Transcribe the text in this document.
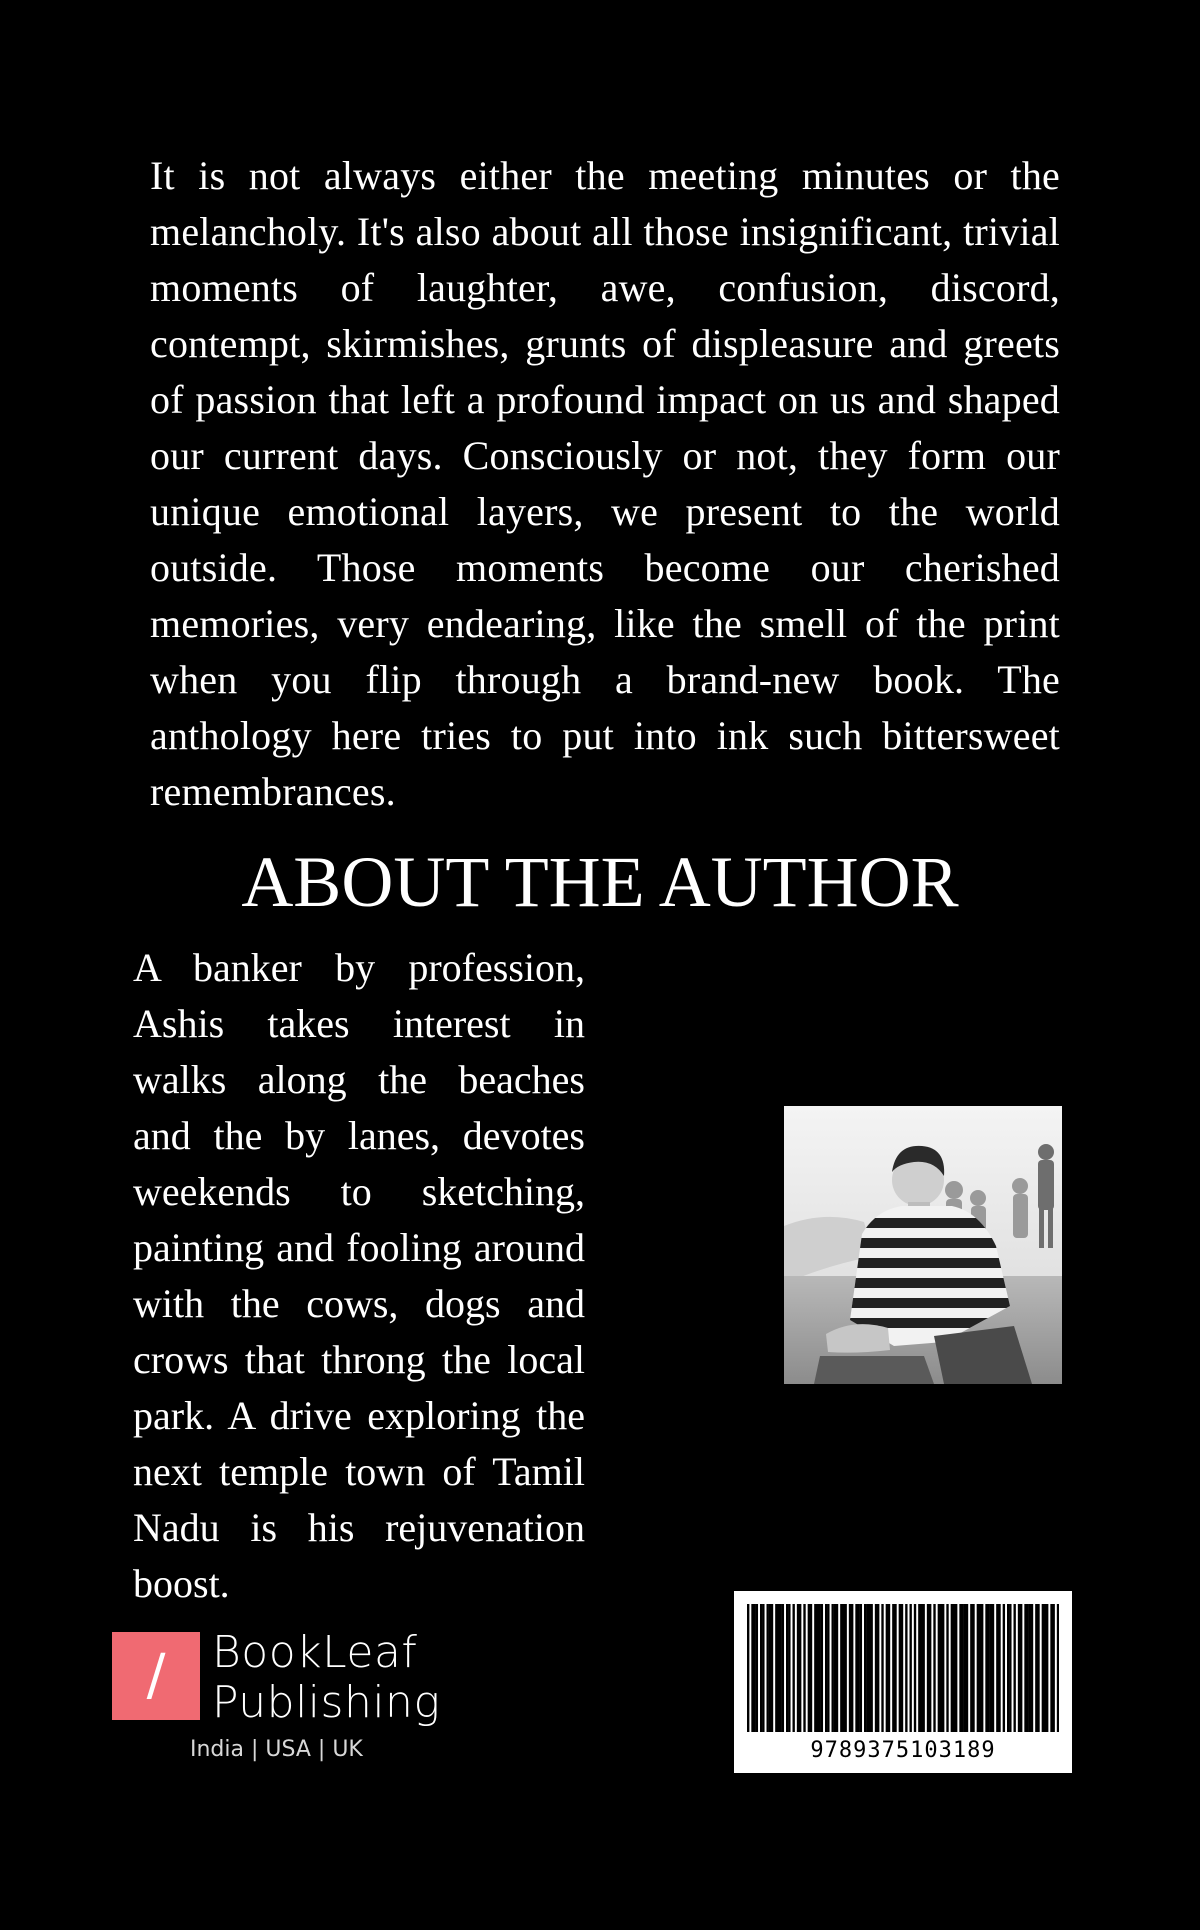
It is not always either the meeting minutes or the melancholy. It's also about all those insignificant, trivial moments of laughter, awe, confusion, discord, contempt, skirmishes, grunts of displeasure and greets of passion that left a profound impact on us and shaped our current days. Consciously or not, they form our unique emotional layers, we present to the world outside. Those moments become our cherished memories, very endearing, like the smell of the print when you flip through a brand-new book. The anthology here tries to put into ink such bittersweet remembrances.

ABOUT THE AUTHOR

A banker by profession, Ashis takes interest in walks along the beaches and the by lanes, devotes weekends to sketching, painting and fooling around with the cows, dogs and crows that throng the local park. A drive exploring the next temple town of Tamil Nadu is his rejuvenation boost.

/	BookLeaf
Publishing
India | USA | UK	9789375103189
